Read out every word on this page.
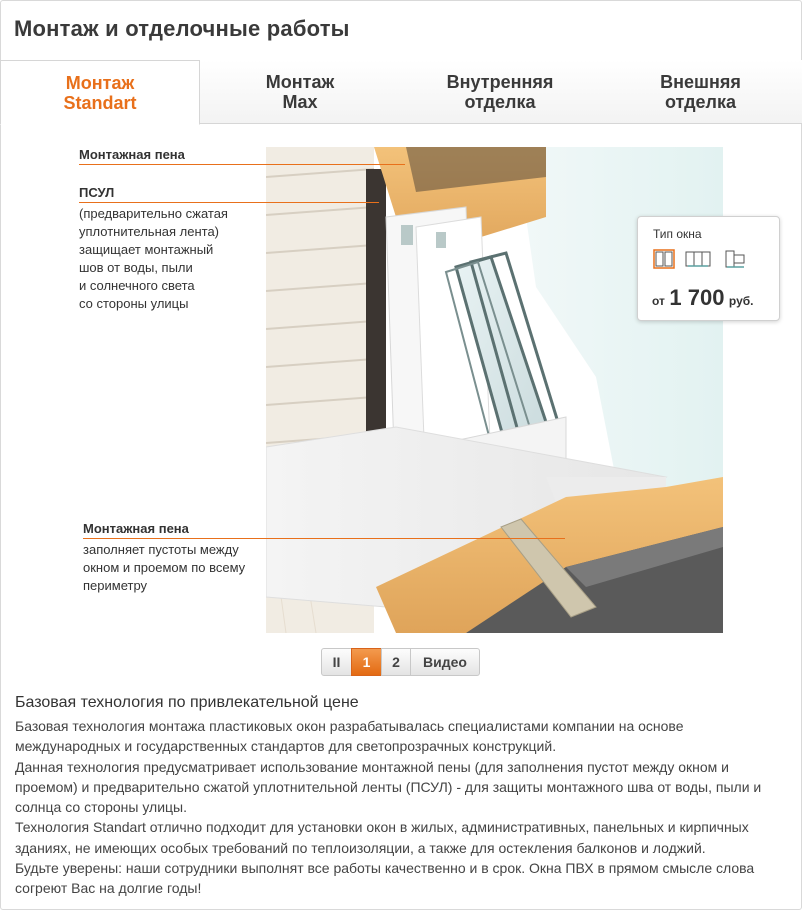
Монтаж и отделочные работы
Монтаж
Standart
Монтаж
Max
Внутренняя
отделка
Внешняя
отделка
Монтажная пена
ПСУЛ
(предварительно сжатая
уплотнительная лента)
защищает монтажный
шов от воды, пыли
и солнечного света
со стороны улицы
Монтажная пена
заполняет пустоты между
окном и проемом по всему
периметру
Тип окна
от 1 700 руб.
II	1	2	Видео
Базовая технология по привлекательной цене
Базовая технология монтажа пластиковых окон разрабатывалась специалистами компании на основе
международных и государственных стандартов для светопрозрачных конструкций.
Данная технология предусматривает использование монтажной пены (для заполнения пустот между окном и
проемом) и предварительно сжатой уплотнительной ленты (ПСУЛ) - для защиты монтажного шва от воды, пыли и
солнца со стороны улицы.
Технология Standart отлично подходит для установки окон в жилых, административных, панельных и кирпичных
зданиях, не имеющих особых требований по теплоизоляции, а также для остекления балконов и лоджий.
Будьте уверены: наши сотрудники выполнят все работы качественно и в срок. Окна ПВХ в прямом смысле слова
согреют Вас на долгие годы!
